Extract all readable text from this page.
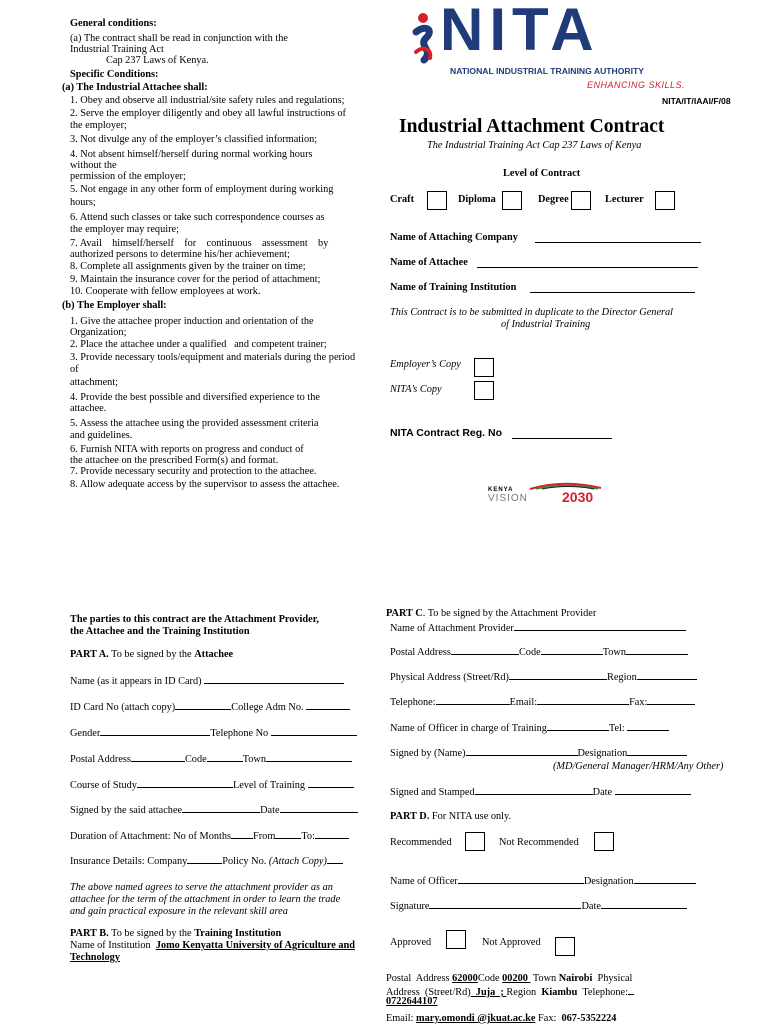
General conditions:
(a) The contract shall be read in conjunction with the
Industrial Training Act
Cap 237 Laws of Kenya.
Specific Conditions:
(a) The Industrial Attachee shall:
1. Obey and observe all industrial/site safety rules and regulations;
2. Serve the employer diligently and obey all lawful instructions of
the employer;
3. Not divulge any of the employer’s classified information;
4. Not absent himself/herself during normal working hours
without the
permission of the employer;
5. Not engage in any other form of employment during working
hours;
6. Attend such classes or take such correspondence courses as
the employer may require;
7. Avail    himself/herself    for    continuous    assessment    by
authorized persons to determine his/her achievement;
8. Complete all assignments given by the trainer on time;
9. Maintain the insurance cover for the period of attachment;
10. Cooperate with fellow employees at work.
(b) The Employer shall:
1. Give the attachee proper induction and orientation of the
Organization;
2. Place the attachee under a qualified   and competent trainer;
3. Provide necessary tools/equipment and materials during the period
of
attachment;
4. Provide the best possible and diversified experience to the
attachee.
5. Assess the attachee using the provided assessment criteria
and guidelines.
6. Furnish NITA with reports on progress and conduct of
the attachee on the prescribed Form(s) and format.
7. Provide necessary security and protection to the attachee.
8. Allow adequate access by the supervisor to assess the attachee.
NITA
NATIONAL INDUSTRIAL TRAINING AUTHORITY
ENHANCING SKILLS.
NITA/IT/IAAI/F/08
Industrial Attachment Contract
The Industrial Training Act Cap 237 Laws of Kenya
Level of Contract
Craft	Diploma	Degree	Lecturer
Name of Attaching Company
Name of Attachee
Name of Training Institution
This Contract is to be submitted in duplicate to the Director General
of Industrial Training
Employer’s Copy
NITA’s Copy
NITA Contract Reg. No
KENYA
VISION 2030
The parties to this contract are the Attachment Provider,
the Attachee and the Training Institution
PART A. To be signed by the Attachee
Name (as it appears in ID Card)
ID Card No (attach copy)	College Adm No.
Gender	Telephone No
Postal Address	Code	Town
Course of Study	Level of Training
Signed by the said attachee	Date
Duration of Attachment: No of Months From	To:
Insurance Details: Company	Policy No. (Attach Copy)
The above named agrees to serve the attachment provider as an
attachee for the term of the attachment in order to learn the trade
and gain practical exposure in the relevant skill area
PART B. To be signed by the Training Institution
Name of Institution  Jomo Kenyatta University of Agriculture and
Technology
PART C. To be signed by the Attachment Provider
Name of Attachment Provider
Postal Address	Code	Town
Physical Address (Street/Rd)	Region
Telephone:	Email:	Fax:
Name of Officer in charge of Training	Tel:
Signed by (Name)	Designation
(MD/General Manager/HRM/Any Other)
Signed and Stamped	Date
PART D. For NITA use only.
Recommended	Not Recommended
Name of Officer	Designation
Signature	Date
Approved	Not Approved
Postal  Address 62000Code 00200  Town Nairobi  Physical
Address  (Street/Rd)  Juja  ; Region  Kiambu  Telephone:
0722644107
Email: mary.omondi @jkuat.ac.ke Fax:  067-5352224
